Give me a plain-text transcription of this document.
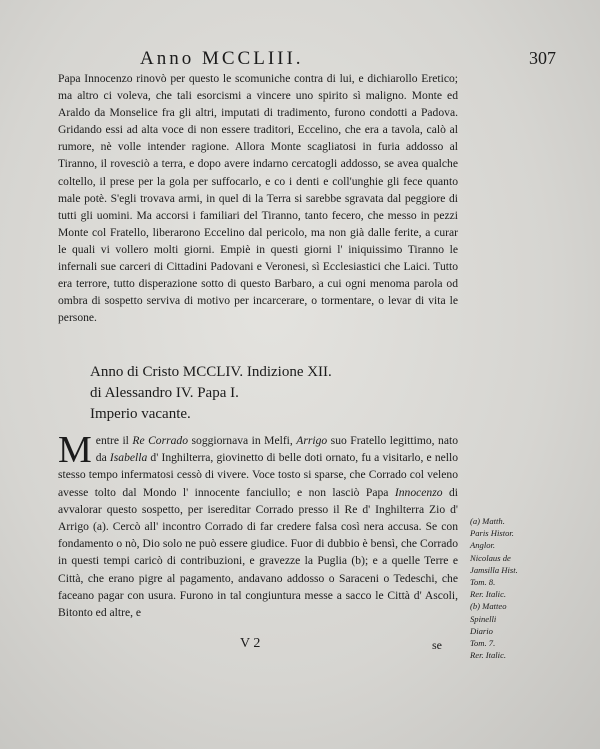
Anno MCCLIII.	307

Papa Innocenzo rinovò per questo le scomuniche contra di lui, e dichiarollo Eretico; ma altro ci voleva, che tali esorcismi a vincere uno spirito sì maligno. Monte ed Araldo da Monselice fra gli altri, imputati di tradimento, furono condotti a Padova. Gridando essi ad alta voce di non essere traditori, Eccelino, che era a tavola, calò al rumore, nè volle intender ragione. Allora Monte scagliatosi in furia addosso al Tiranno, il rovesciò a terra, e dopo avere indarno cercatogli addosso, se avea qualche coltello, il prese per la gola per suffocarlo, e co i denti e coll'unghie gli fece quanto male potè. S'egli trovava armi, in quel di la Terra si sarebbe sgravata dal peggiore di tutti gli uomini. Ma accorsi i familiari del Tiranno, tanto fecero, che messo in pezzi Monte col Fratello, liberarono Eccelino dal pericolo, ma non già dalle ferite, a curar le quali vi vollero molti giorni. Empiè in questi giorni l' iniquissimo Tiranno le infernali sue carceri di Cittadini Padovani e Veronesi, sì Ecclesiastici che Laici. Tutto era terrore, tutto disperazione sotto di questo Barbaro, a cui ogni menoma parola od ombra di sospetto serviva di motivo per incarcerare, o tormentare, o levar di vita le persone.

Anno di Cristo MCCLIV. Indizione XII.
di Alessandro IV. Papa I.
Imperio vacante.
Mentre il Re Corrado soggiornava in Melfi, Arrigo suo Fratello legittimo, nato da Isabella d' Inghilterra, giovinetto di belle doti ornato, fu a visitarlo, e nello stesso tempo infermatosi cessò di vivere. Voce tosto si sparse, che Corrado col veleno avesse tolto dal Mondo l' innocente fanciullo; e non lasciò Papa Innocenzo di avvalorar questo sospetto, per isereditar Corrado presso il Re d' Inghilterra Zio d' Arrigo (a). Cercò all' incontro Corrado di far credere falsa così nera accusa. Se con fondamento o nò, Dio solo ne può essere giudice. Fuor di dubbio è bensì, che Corrado in questi tempi caricò di contribuzioni, e gravezze la Puglia (b); e a quelle Terre e Città, che erano pigre al pagamento, andavano addosso o Saraceni o Tedeschi, che faceano pagar con usura. Furono in tal congiuntura messe a sacco le Città d' Ascoli, Bitonto ed altre, e
(a) Matth.
Paris Histor.
Anglor.
Nicolaus de
Jamsilla Hist.
Tom. 8.
Rer. Italic.
(b) Matteo
Spinelli
Diario
Tom. 7.
Rer. Italic.
V 2	se
